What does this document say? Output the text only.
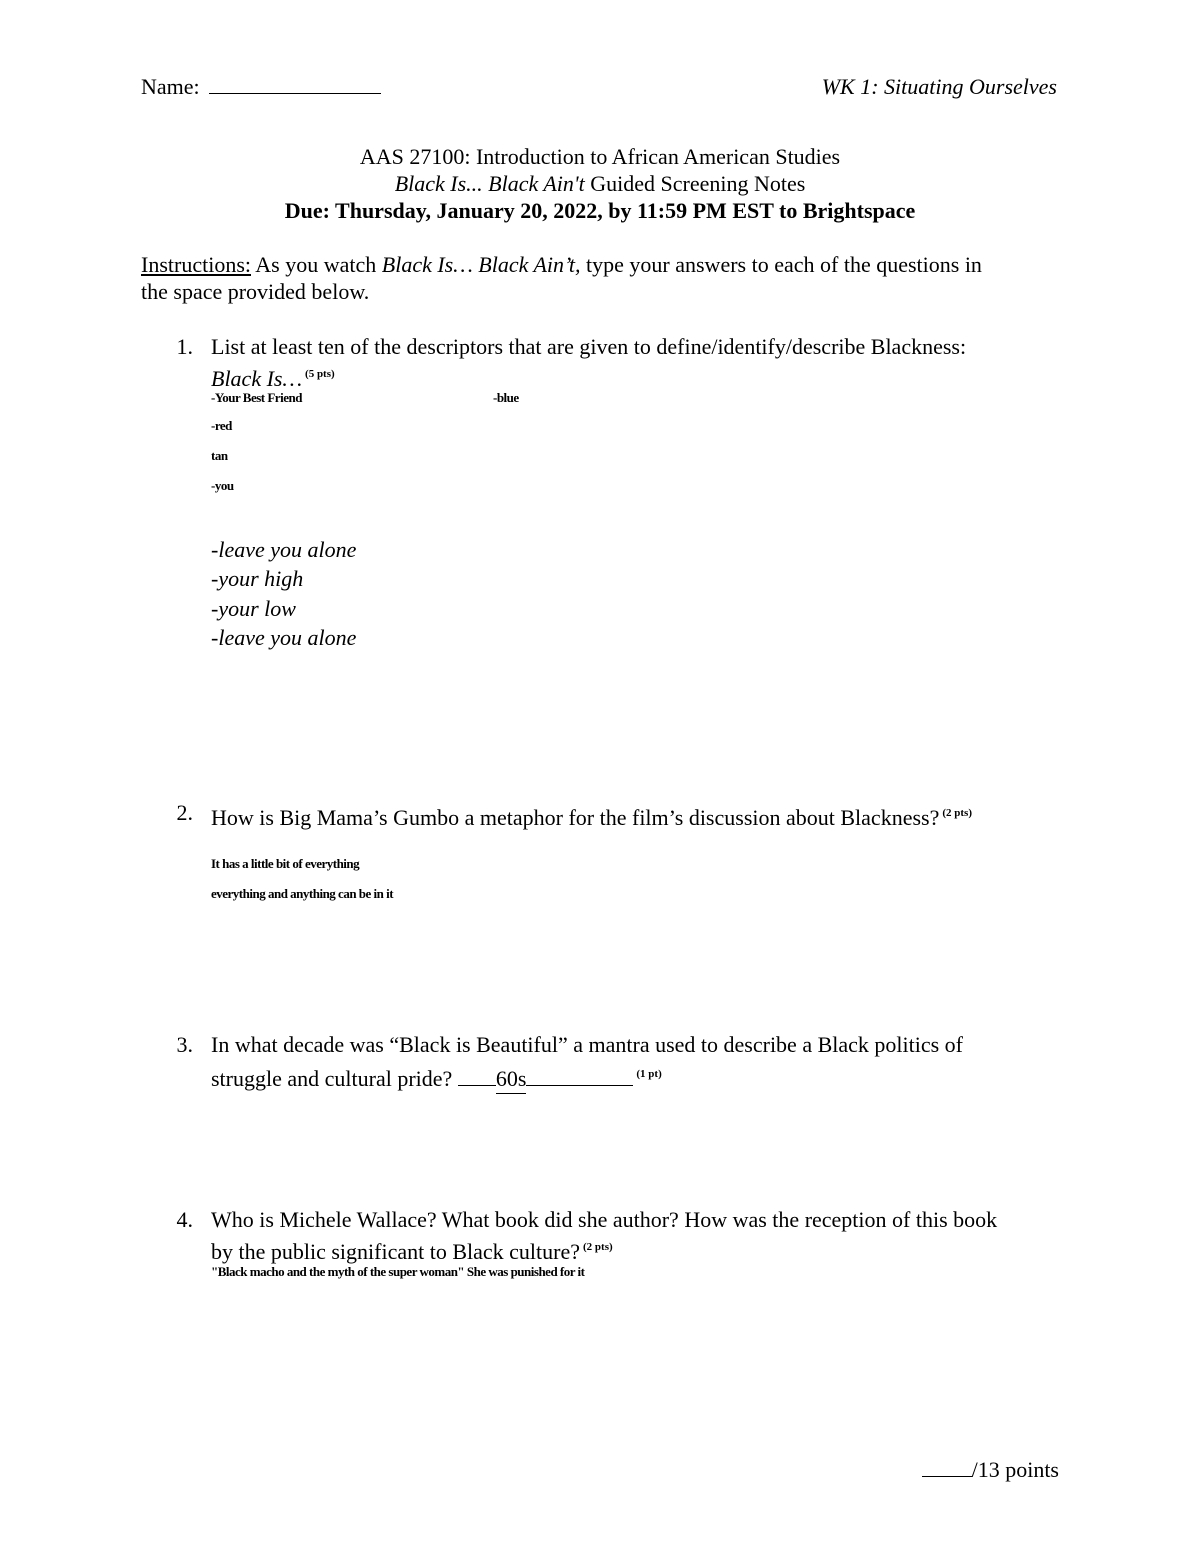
Name:	WK 1: Situating Ourselves
AAS 27100: Introduction to African American Studies
Black Is... Black Ain't Guided Screening Notes
Due: Thursday, January 20, 2022, by 11:59 PM EST to Brightspace
Instructions: As you watch Black Is… Black Ain’t, type your answers to each of the questions in
the space provided below.
1. List at least ten of the descriptors that are given to define/identify/describe Blackness:
Black Is… $^{(5 pts)}$
-Your Best Friend	-blue
-red
tan
-you
-leave you alone
-your high
-your low
-leave you alone
2. How is Big Mama’s Gumbo a metaphor for the film’s discussion about Blackness? $^{(2 pts)}$
It has a little bit of everything
everything and anything can be in it
3. In what decade was “Black is Beautiful” a mantra used to describe a Black politics of
struggle and cultural pride? 60s	$^{(1 pt)}$
4. Who is Michele Wallace? What book did she author? How was the reception of this book
by the public significant to Black culture? $^{(2 pts)}$
"Black macho and the myth of the super woman" She was punished for it
/13 points
